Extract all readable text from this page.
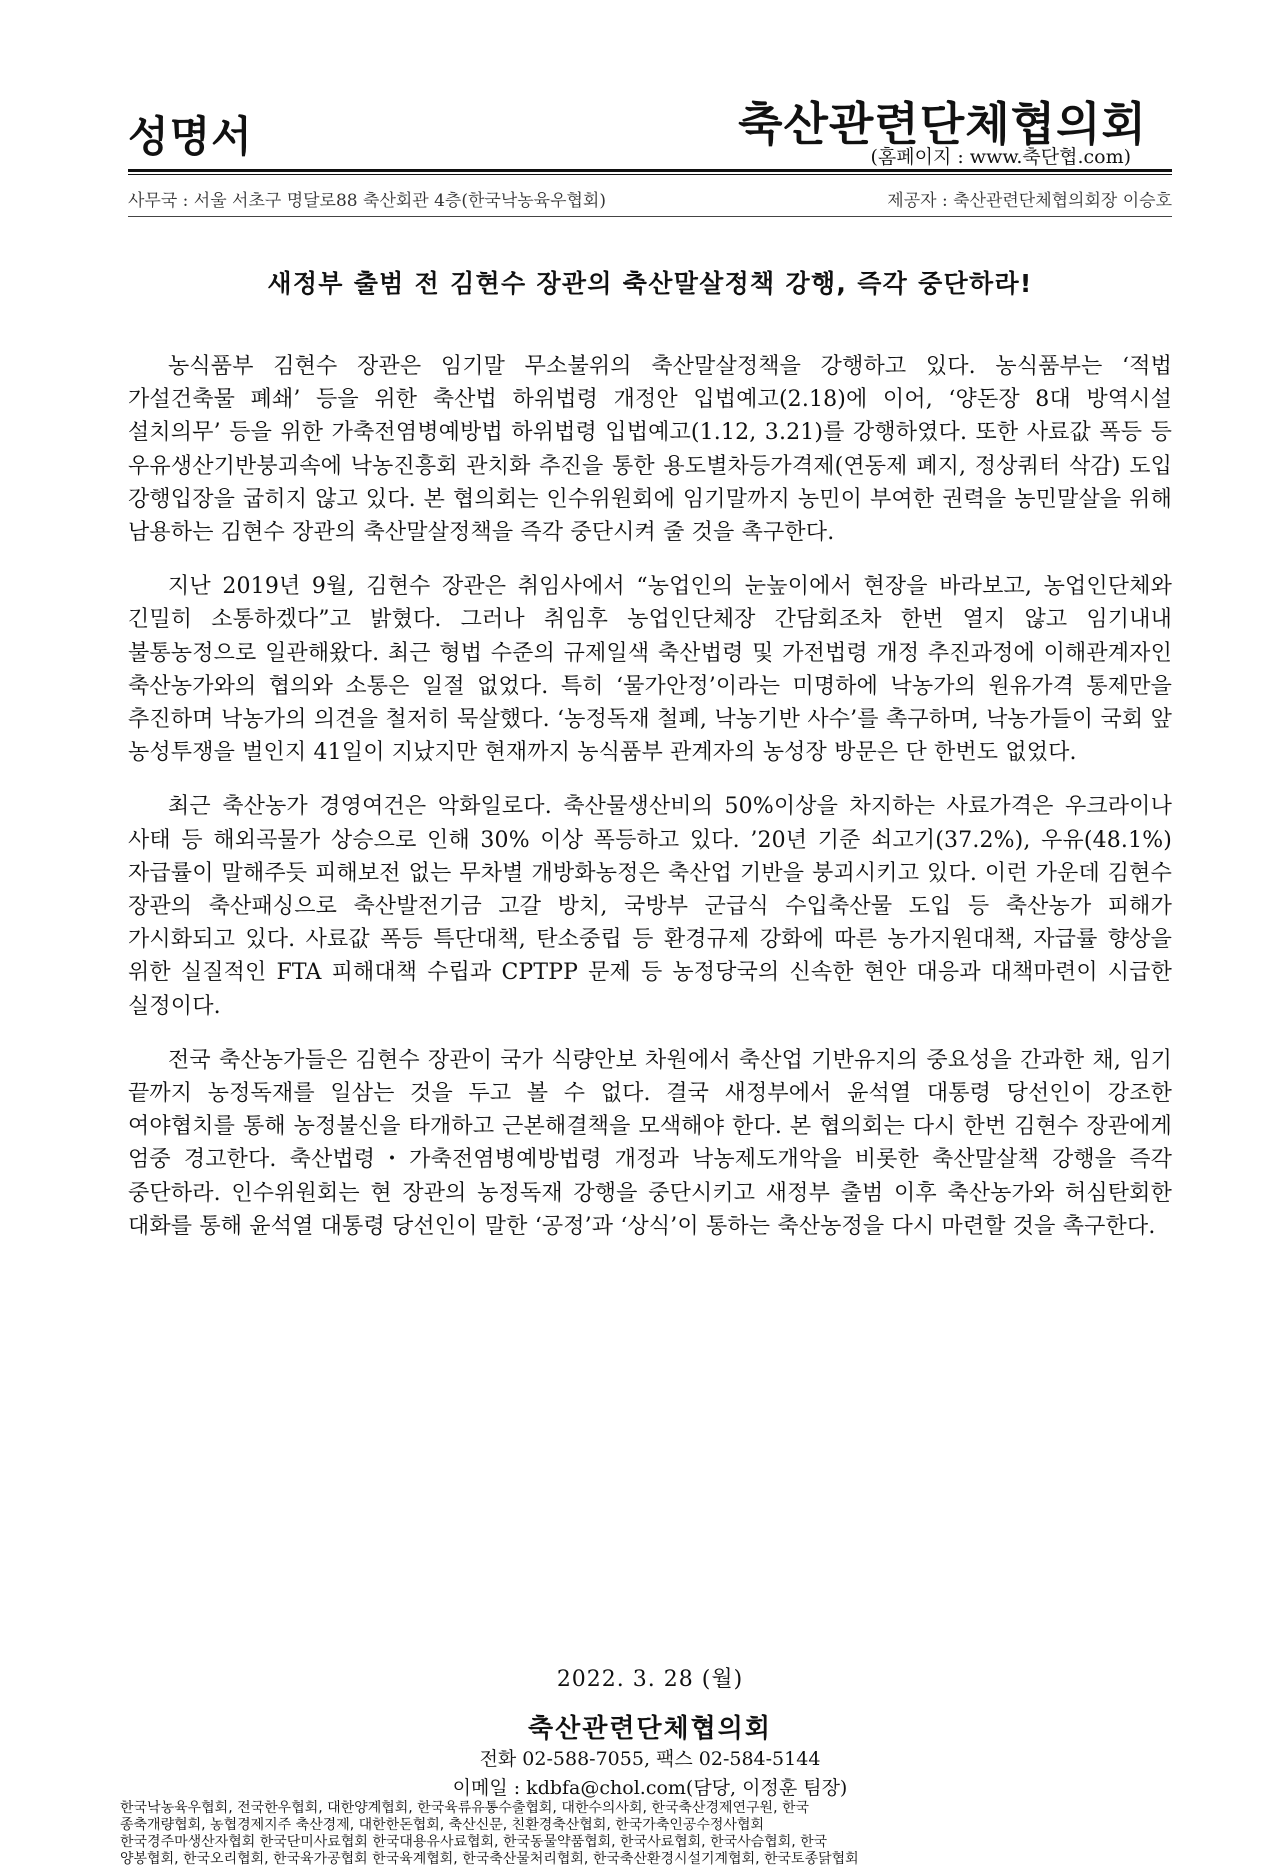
성명서	축산관련단체협의회
(홈페이지 : www.축단협.com)
사무국 : 서울 서초구 명달로88 축산회관 4층(한국낙농육우협회)	제공자 : 축산관련단체협의회장 이승호
새정부 출범 전 김현수 장관의 축산말살정책 강행, 즉각 중단하라!

농식품부 김현수 장관은 임기말 무소불위의 축산말살정책을 강행하고 있다. 농식품부는 ‘적법 가설건축물 폐쇄’ 등을 위한 축산법 하위법령 개정안 입법예고(2.18)에 이어, ‘양돈장 8대 방역시설 설치의무’ 등을 위한 가축전염병예방법 하위법령 입법예고(1.12, 3.21)를 강행하였다. 또한 사료값 폭등 등 우유생산기반붕괴속에 낙농진흥회 관치화 추진을 통한 용도별차등가격제(연동제 폐지, 정상쿼터 삭감) 도입 강행입장을 굽히지 않고 있다. 본 협의회는 인수위원회에 임기말까지 농민이 부여한 권력을 농민말살을 위해 남용하는 김현수 장관의 축산말살정책을 즉각 중단시켜 줄 것을 촉구한다.

지난 2019년 9월, 김현수 장관은 취임사에서 “농업인의 눈높이에서 현장을 바라보고, 농업인단체와 긴밀히 소통하겠다”고 밝혔다. 그러나 취임후 농업인단체장 간담회조차 한번 열지 않고 임기내내 불통농정으로 일관해왔다. 최근 형법 수준의 규제일색 축산법령 및 가전법령 개정 추진과정에 이해관계자인 축산농가와의 협의와 소통은 일절 없었다. 특히 ‘물가안정’이라는 미명하에 낙농가의 원유가격 통제만을 추진하며 낙농가의 의견을 철저히 묵살했다. ‘농정독재 철폐, 낙농기반 사수’를 촉구하며, 낙농가들이 국회 앞 농성투쟁을 벌인지 41일이 지났지만 현재까지 농식품부 관계자의 농성장 방문은 단 한번도 없었다.

최근 축산농가 경영여건은 악화일로다. 축산물생산비의 50%이상을 차지하는 사료가격은 우크라이나 사태 등 해외곡물가 상승으로 인해 30% 이상 폭등하고 있다. ’20년 기준 쇠고기(37.2%), 우유(48.1%)자급률이 말해주듯 피해보전 없는 무차별 개방화농정은 축산업 기반을 붕괴시키고 있다. 이런 가운데 김현수 장관의 축산패싱으로 축산발전기금 고갈 방치, 국방부 군급식 수입축산물 도입 등 축산농가 피해가 가시화되고 있다. 사료값 폭등 특단대책, 탄소중립 등 환경규제 강화에 따른 농가지원대책, 자급률 향상을 위한 실질적인 FTA 피해대책 수립과 CPTPP 문제 등 농정당국의 신속한 현안 대응과 대책마련이 시급한 실정이다.

전국 축산농가들은 김현수 장관이 국가 식량안보 차원에서 축산업 기반유지의 중요성을 간과한 채, 임기 끝까지 농정독재를 일삼는 것을 두고 볼 수 없다. 결국 새정부에서 윤석열 대통령 당선인이 강조한 여야협치를 통해 농정불신을 타개하고 근본해결책을 모색해야 한다. 본 협의회는 다시 한번 김현수 장관에게 엄중 경고한다. 축산법령・가축전염병예방법령 개정과 낙농제도개악을 비롯한 축산말살책 강행을 즉각 중단하라. 인수위원회는 현 장관의 농정독재 강행을 중단시키고 새정부 출범 이후 축산농가와 허심탄회한 대화를 통해 윤석열 대통령 당선인이 말한 ‘공정’과 ‘상식’이 통하는 축산농정을 다시 마련할 것을 촉구한다.

2022. 3. 28 (월)
축산관련단체협의회
전화 02-588-7055, 팩스 02-584-5144
이메일 : kdbfa@chol.com(담당, 이정훈 팀장)
한국낙농육우협회, 전국한우협회, 대한양계협회, 한국육류유통수출협회, 대한수의사회, 한국축산경제연구원, 한국
종축개량협회, 농협경제지주 축산경제, 대한한돈협회, 축산신문, 친환경축산협회, 한국가축인공수정사협회
한국경주마생산자협회 한국단미사료협회 한국대용유사료협회, 한국동물약품협회, 한국사료협회, 한국사슴협회, 한국
양봉협회, 한국오리협회, 한국육가공협회 한국육계협회, 한국축산물처리협회, 한국축산환경시설기계협회, 한국토종닭협회
